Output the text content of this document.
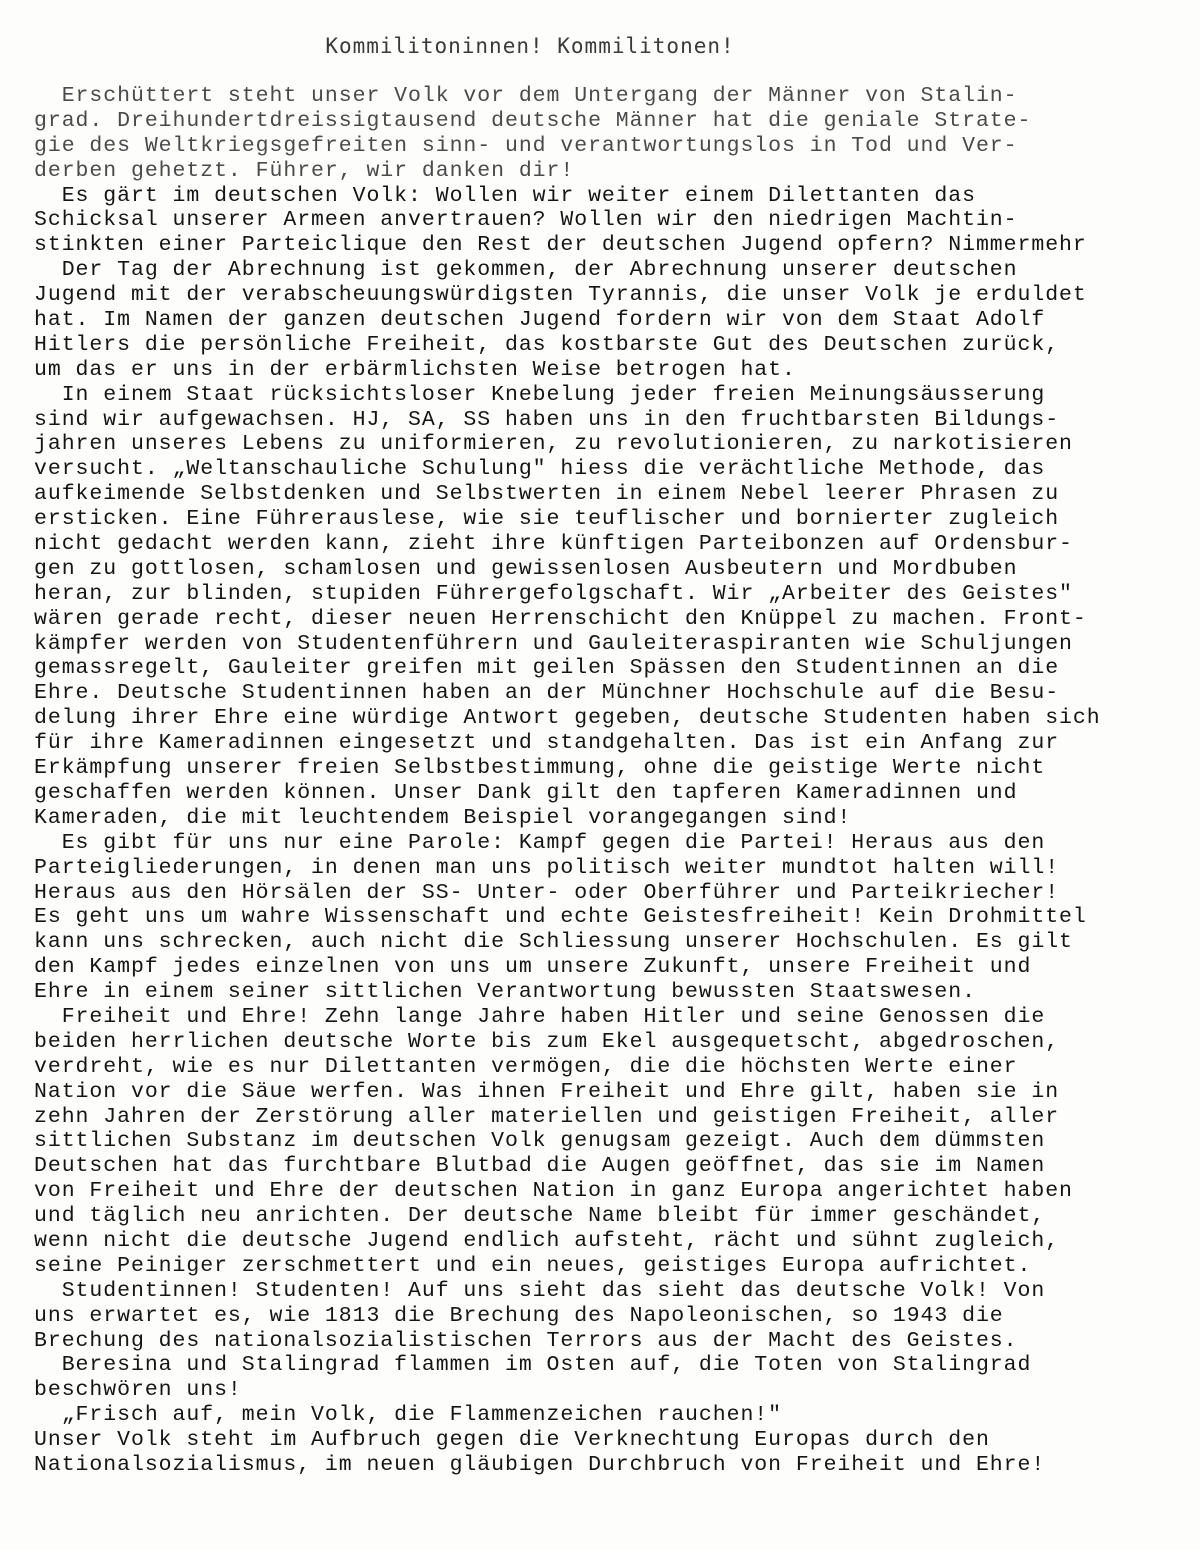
Kommilitoninnen! Kommilitonen!
Erschüttert steht unser Volk vor dem Untergang der Männer von Stalin-
grad. Dreihundertdreissigtausend deutsche Männer hat die geniale Strate-
gie des Weltkriegsgefreiten sinn- und verantwortungslos in Tod und Ver-
derben gehetzt. Führer, wir danken dir!
Es gärt im deutschen Volk: Wollen wir weiter einem Dilettanten das
Schicksal unserer Armeen anvertrauen? Wollen wir den niedrigen Machtin-
stinkten einer Parteiclique den Rest der deutschen Jugend opfern? Nimmermehr
Der Tag der Abrechnung ist gekommen, der Abrechnung unserer deutschen
Jugend mit der verabscheuungswürdigsten Tyrannis, die unser Volk je erduldet
hat. Im Namen der ganzen deutschen Jugend fordern wir von dem Staat Adolf
Hitlers die persönliche Freiheit, das kostbarste Gut des Deutschen zurück,
um das er uns in der erbärmlichsten Weise betrogen hat.
In einem Staat rücksichtsloser Knebelung jeder freien Meinungsäusserung
sind wir aufgewachsen. HJ, SA, SS haben uns in den fruchtbarsten Bildungs-
jahren unseres Lebens zu uniformieren, zu revolutionieren, zu narkotisieren
versucht. „Weltanschauliche Schulung" hiess die verächtliche Methode, das
aufkeimende Selbstdenken und Selbstwerten in einem Nebel leerer Phrasen zu
ersticken. Eine Führerauslese, wie sie teuflischer und bornierter zugleich
nicht gedacht werden kann, zieht ihre künftigen Parteibonzen auf Ordensbur-
gen zu gottlosen, schamlosen und gewissenlosen Ausbeutern und Mordbuben
heran, zur blinden, stupiden Führergefolgschaft. Wir „Arbeiter des Geistes"
wären gerade recht, dieser neuen Herrenschicht den Knüppel zu machen. Front-
kämpfer werden von Studentenführern und Gauleiteraspiranten wie Schuljungen
gemassregelt, Gauleiter greifen mit geilen Spässen den Studentinnen an die
Ehre. Deutsche Studentinnen haben an der Münchner Hochschule auf die Besu-
delung ihrer Ehre eine würdige Antwort gegeben, deutsche Studenten haben sich
für ihre Kameradinnen eingesetzt und standgehalten. Das ist ein Anfang zur
Erkämpfung unserer freien Selbstbestimmung, ohne die geistige Werte nicht
geschaffen werden können. Unser Dank gilt den tapferen Kameradinnen und
Kameraden, die mit leuchtendem Beispiel vorangegangen sind!
Es gibt für uns nur eine Parole: Kampf gegen die Partei! Heraus aus den
Parteigliederungen, in denen man uns politisch weiter mundtot halten will!
Heraus aus den Hörsälen der SS- Unter- oder Oberführer und Parteikriecher!
Es geht uns um wahre Wissenschaft und echte Geistesfreiheit! Kein Drohmittel
kann uns schrecken, auch nicht die Schliessung unserer Hochschulen. Es gilt
den Kampf jedes einzelnen von uns um unsere Zukunft, unsere Freiheit und
Ehre in einem seiner sittlichen Verantwortung bewussten Staatswesen.
Freiheit und Ehre! Zehn lange Jahre haben Hitler und seine Genossen die
beiden herrlichen deutsche Worte bis zum Ekel ausgequetscht, abgedroschen,
verdreht, wie es nur Dilettanten vermögen, die die höchsten Werte einer
Nation vor die Säue werfen. Was ihnen Freiheit und Ehre gilt, haben sie in
zehn Jahren der Zerstörung aller materiellen und geistigen Freiheit, aller
sittlichen Substanz im deutschen Volk genugsam gezeigt. Auch dem dümmsten
Deutschen hat das furchtbare Blutbad die Augen geöffnet, das sie im Namen
von Freiheit und Ehre der deutschen Nation in ganz Europa angerichtet haben
und täglich neu anrichten. Der deutsche Name bleibt für immer geschändet,
wenn nicht die deutsche Jugend endlich aufsteht, rächt und sühnt zugleich,
seine Peiniger zerschmettert und ein neues, geistiges Europa aufrichtet.
Studentinnen! Studenten! Auf uns sieht das sieht das deutsche Volk! Von
uns erwartet es, wie 1813 die Brechung des Napoleonischen, so 1943 die
Brechung des nationalsozialistischen Terrors aus der Macht des Geistes.
Beresina und Stalingrad flammen im Osten auf, die Toten von Stalingrad
beschwören uns!
„Frisch auf, mein Volk, die Flammenzeichen rauchen!"
Unser Volk steht im Aufbruch gegen die Verknechtung Europas durch den
Nationalsozialismus, im neuen gläubigen Durchbruch von Freiheit und Ehre!
